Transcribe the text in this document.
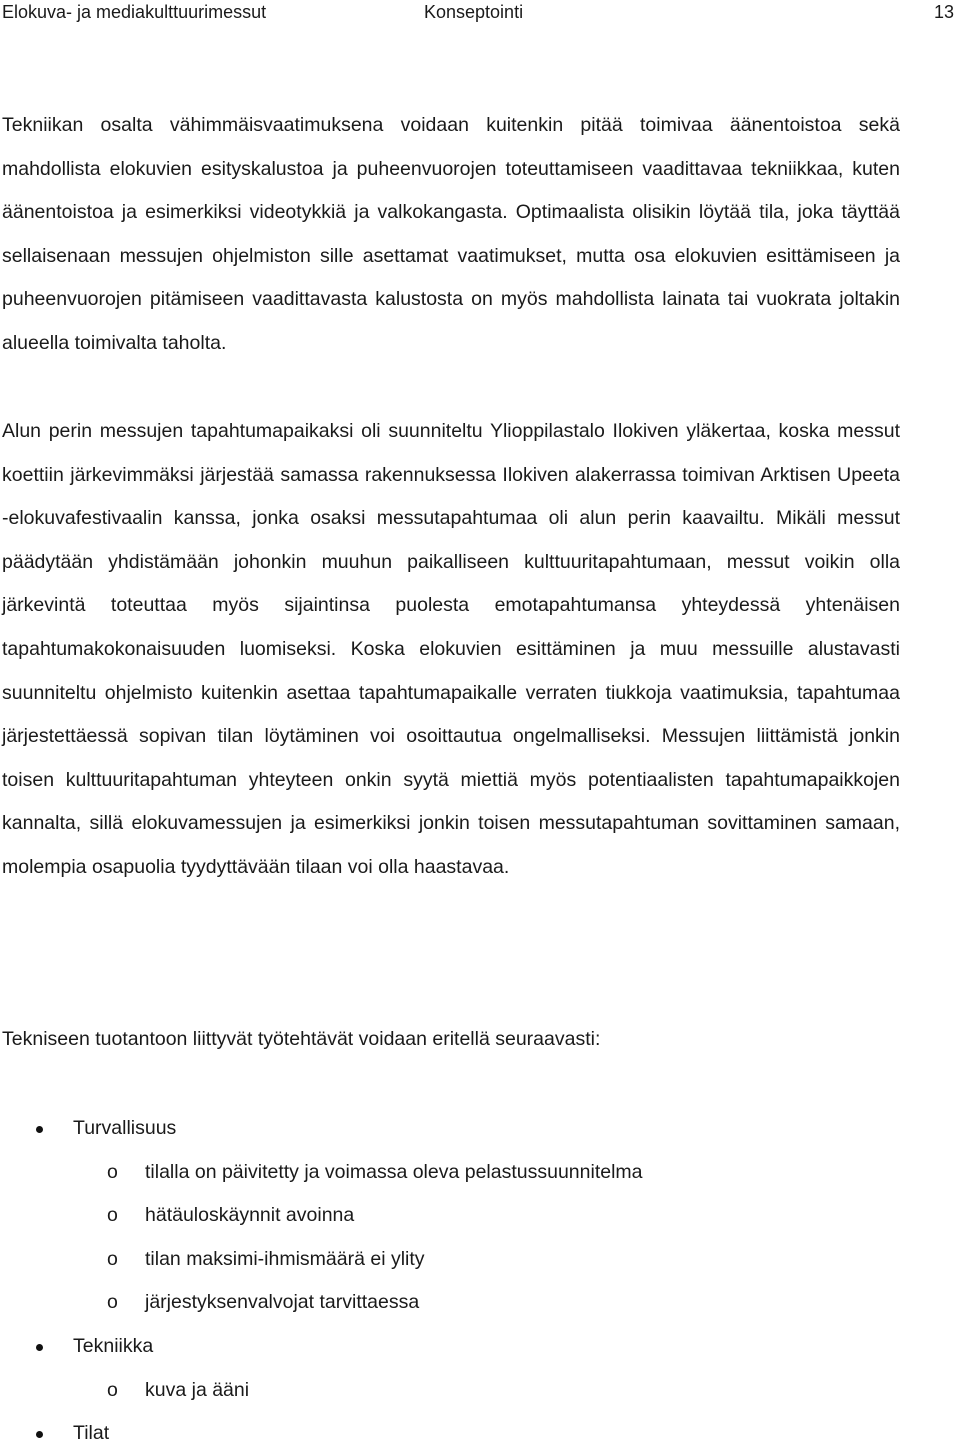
Elokuva- ja mediakulttuurimessut	Konseptointi	13

Tekniikan osalta vähimmäisvaatimuksena voidaan kuitenkin pitää toimivaa äänentoistoa sekä mahdollista elokuvien esityskalustoa ja puheenvuorojen toteuttamiseen vaadittavaa tekniikkaa, kuten äänentoistoa ja esimerkiksi videotykkiä ja valkokangasta. Optimaalista olisikin löytää tila, joka täyttää sellaisenaan messujen ohjelmiston sille asettamat vaatimukset, mutta osa elokuvien esittämiseen ja puheenvuorojen pitämiseen vaadittavasta kalustosta on myös mahdollista lainata tai vuokrata joltakin alueella toimivalta taholta.

Alun perin messujen tapahtumapaikaksi oli suunniteltu Ylioppilastalo Ilokiven yläkertaa, koska messut koettiin järkevimmäksi järjestää samassa rakennuksessa Ilokiven alakerrassa toimivan Arktisen Upeeta -elokuvafestivaalin kanssa, jonka osaksi messutapahtumaa oli alun perin kaavailtu. Mikäli messut päädytään yhdistämään johonkin muuhun paikalliseen kulttuuritapahtumaan, messut voikin olla järkevintä toteuttaa myös sijaintinsa puolesta emotapahtumansa yhteydessä yhtenäisen tapahtumakokonaisuuden luomiseksi. Koska elokuvien esittäminen ja muu messuille alustavasti suunniteltu ohjelmisto kuitenkin asettaa tapahtumapaikalle verraten tiukkoja vaatimuksia, tapahtumaa järjestettäessä sopivan tilan löytäminen voi osoittautua ongelmalliseksi. Messujen liittämistä jonkin toisen kulttuuritapahtuman yhteyteen onkin syytä miettiä myös potentiaalisten tapahtumapaikkojen kannalta, sillä elokuvamessujen ja esimerkiksi jonkin toisen messutapahtuman sovittaminen samaan, molempia osapuolia tyydyttävään tilaan voi olla haastavaa.

Tekniseen tuotantoon liittyvät työtehtävät voidaan eritellä seuraavasti:

Turvallisuus
o tilalla on päivitetty ja voimassa oleva pelastussuunnitelma
o hätäuloskäynnit avoinna
o tilan maksimi-ihmismäärä ei ylity
o järjestyksenvalvojat tarvittaessa
Tekniikka
o kuva ja ääni
Tilat
